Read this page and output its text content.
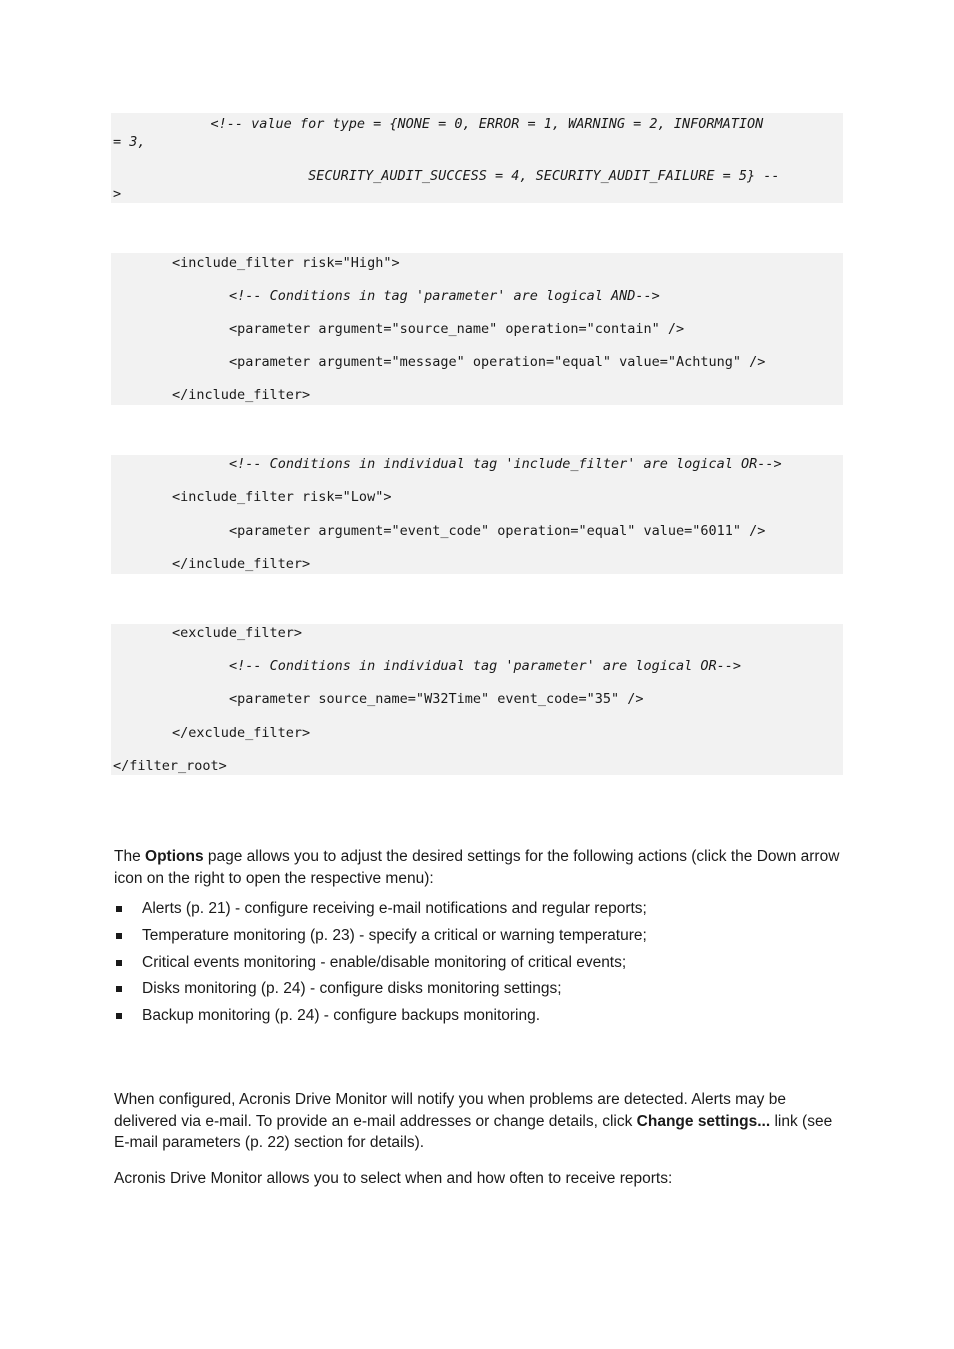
<!-- value for type = {NONE = 0, ERROR = 1, WARNING = 2, INFORMATION
= 3,
SECURITY_AUDIT_SUCCESS = 4, SECURITY_AUDIT_FAILURE = 5} --
>
<include_filter risk="High">
<!-- Conditions in tag 'parameter' are logical AND-->
<parameter argument="source_name" operation="contain" />
<parameter argument="message" operation="equal" value="Achtung" />
</include_filter>
<!-- Conditions in individual tag 'include_filter' are logical OR-->
<include_filter risk="Low">
<parameter argument="event_code" operation="equal" value="6011" />
</include_filter>
<exclude_filter>
<!-- Conditions in individual tag 'parameter' are logical OR-->
<parameter source_name="W32Time" event_code="35" />
</exclude_filter>
</filter_root>

The Options page allows you to adjust the desired settings for the following actions (click the Down arrow icon on the right to open the respective menu):

Alerts (p. 21) - configure receiving e-mail notifications and regular reports;
Temperature monitoring (p. 23) - specify a critical or warning temperature;
Critical events monitoring - enable/disable monitoring of critical events;
Disks monitoring (p. 24) - configure disks monitoring settings;
Backup monitoring (p. 24) - configure backups monitoring.

When configured, Acronis Drive Monitor will notify you when problems are detected. Alerts may be delivered via e-mail. To provide an e-mail addresses or change details, click Change settings... link (see E-mail parameters (p. 22) section for details).

Acronis Drive Monitor allows you to select when and how often to receive reports:
